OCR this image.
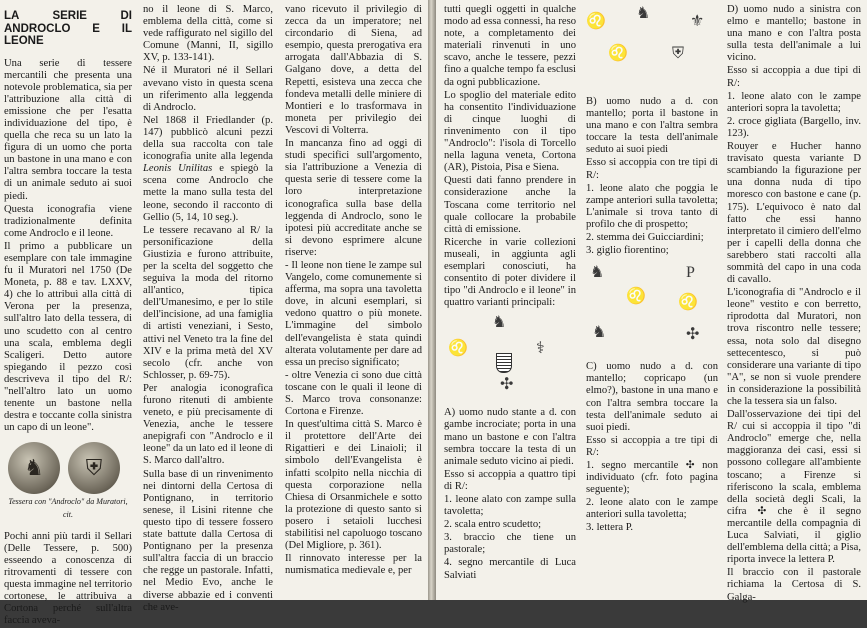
LA SERIE DI ANDROCLO E IL LEONE

Una serie di tessere mercantili che presenta una notevole problematica, sia per l'attribuzione alla città di emissione che per l'esatta individuazione del tipo, è quella che reca su un lato la figura di un uomo che porta un bastone in una mano e con l'altra sembra toccare la testa di un animale seduto ai suoi piedi.

Questa iconografia viene tradizionalmente definita come Androclo e il leone.

Il primo a pubblicare un esemplare con tale immagine fu il Muratori nel 1750 (De Moneta, p. 88 e tav. LXXV, 4) che lo attribuì alla città di Verona per la presenza, sull'altro lato della tessera, di uno scudetto con al centro una scala, emblema degli Scaligeri. Detto autore spiegando il pezzo così descriveva il tipo del R/: "nell'altro lato un uomo tenente un bastone nella destra e toccante colla sinistra un capo di un leone".

♞	⛨
Tessera con "Androclo" da Muratori, cit.

Pochi anni più tardi il Sellari (Delle Tessere, p. 500) esseendo a conoscenza di ritrovamenti di tessere con questa immagine nel territorio cortonese, le attribuiva a Cortona perché sull'altra faccia aveva-

no il leone di S. Marco, emblema della città, come si vede raffigurato nel sigillo del Comune (Manni, II, sigillo XV, p. 133-141).

Né il Muratori né il Sellari avevano visto in questa scena un riferimento alla leggenda di Androclo.

Nel 1868 il Friedlander (p. 147) pubblicò alcuni pezzi della sua raccolta con tale iconografia unite alla legenda Leonis Unilitas e spiegò la scena come Androclo che mette la mano sulla testa del leone, secondo il racconto di Gellio (5, 14, 10 seg.).

Le tessere recavano al R/ la personificazione della Giustizia e furono attribuite, per la scelta del soggetto che seguiva la moda del ritorno all'antico, tipica dell'Umanesimo, e per lo stile dell'incisione, ad una famiglia di artisti veneziani, i Sesto, attivi nel Veneto tra la fine del XIV e la prima metà del XV secolo (cfr. anche von Schlosser, p. 69-75).

Per analogia iconografica furono ritenuti di ambiente veneto, e più precisamente di Venezia, anche le tessere anepigrafi con "Androclo e il leone" da un lato ed il leone di S. Marco dall'altro.

Sulla base di un rinvenimento nei dintorni della Certosa di Pontignano, in territorio senese, il Lisini ritenne che questo tipo di tessere fossero state battute dalla Certosa di Pontignano per la presenza sull'altra faccia di un braccio che regge un pastorale. Infatti, nel Medio Evo, anche le diverse abbazie ed i conventi che ave-

vano ricevuto il privilegio di zecca da un imperatore; nel circondario di Siena, ad esempio, questa prerogativa era arrogata dall'Abbazia di S. Galgano dove, a detta del Repetti, esisteva una zecca che fondeva metalli delle miniere di Montieri e lo trasformava in moneta per privilegio dei Vescovi di Volterra.

In mancanza fino ad oggi di studi specifici sull'argomento, sia l'attribuzione a Venezia di questa serie di tessere come la loro interpretazione iconografica sulla base della leggenda di Androclo, sono le ipotesi più accreditate anche se si devono esprimere alcune riserve:

- Il leone non tiene le zampe sul Vangelo, come comunemente si afferma, ma sopra una tavoletta dove, in alcuni esemplari, si vedono quattro o più monete. L'immagine del simbolo dell'evangelista è stata quindi alterata volutamente per dare ad essa un preciso significato;

- oltre Venezia ci sono due città toscane con le quali il leone di S. Marco trova consonanze: Cortona e Firenze.

In quest'ultima città S. Marco è il protettore dell'Arte dei Rigattieri e dei Linaioli; il simbolo dell'Evangelista è infatti scolpito nella nicchia di questa corporazione nella Chiesa di Orsanmichele e sotto la protezione di questo santo si posero i setaioli lucchesi stabilitisi nel capoluogo toscano (Del Migliore, p. 361).

Il rinnovato interesse per la numismatica medievale e, per

tutti quegli oggetti in qualche modo ad essa connessi, ha reso note, a completamento dei materiali rinvenuti in uno scavo, anche le tessere, pezzi fino a qualche tempo fa esclusi da ogni pubblicazione.

Lo spoglio del materiale edito ha consentito l'individuazione di cinque luoghi di rinvenimento con il tipo "Androclo": l'isola di Torcello nella laguna veneta, Cortona (AR), Pistoia, Pisa e Siena.

Questi dati fanno prendere in considerazione anche la Toscana come territorio nel quale collocare la probabile città di emissione.

Ricerche in varie collezioni museali, in aggiunta agli esemplari conosciuti, ha consentito di poter dividere il tipo "di Androclo e il leone" in quattro varianti principali:

♌
♞
⚕
✣

A) uomo nudo stante a d. con gambe incrociate; porta in una mano un bastone e con l'altra sembra toccare la testa di un animale seduto vicino ai piedi.

Esso si accoppia a quattro tipi di R/:

1. leone alato con zampe sulla tavoletta;

2. scala entro scudetto;

3. braccio che tiene un pastorale;

4. segno mercantile di Luca Salviati

♌ ♞ ⚜
♌	⛨

B) uomo nudo a d. con mantello; porta il bastone in una mano e con l'altra sembra toccare la testa dell'animale seduto ai suoi piedi

Esso si accoppia con tre tipi di R/:

1. leone alato che poggia le zampe anteriori sulla tavoletta; L'animale si trova tanto di profilo che di prospetto;

2. stemma dei Guicciardini;

3. giglio fiorentino;

♞	P
♌ ♌
♞	✣

C) uomo nudo a d. con mantello; copricapo (un elmo?), bastone in una mano e con l'altra sembra toccare la testa dell'animale seduto ai suoi piedi.

Esso si accoppia a tre tipi di R/:

1. segno mercantile ✣ non individuato (cfr. foto pagina seguente);

2. leone alato con le zampe anteriori sulla tavoletta;

3. lettera P.

D) uomo nudo a sinistra con elmo e mantello; bastone in una mano e con l'altra posta sulla testa dell'animale a lui vicino.

Esso si accoppia a due tipi di R/:

1. leone alato con le zampe anteriori sopra la tavoletta;

2. croce gigliata (Bargello, inv. 123).

Rouyer e Hucher hanno travisato questa variante D scambiando la figurazione per una donna nuda di tipo moresco con bastone e cane (p. 175). L'equivoco è nato dal fatto che essi hanno interpretato il cimiero dell'elmo per i capelli della donna che sarebbero stati raccolti alla sommità del capo in una coda di cavallo.

L'iconografia di "Androclo e il leone" vestito e con berretto, riprodotta dal Muratori, non trova riscontro nelle tessere; essa, nota solo dal disegno settecentesco, si può considerare una variante di tipo "A", se non si vuole prendere in considerazione la possibilità che la tessera sia un falso.

Dall'osservazione dei tipi del R/ cui si accoppia il tipo "di Androclo" emerge che, nella maggioranza dei casi, essi si possono collegare all'ambiente toscano; a Firenze si riferiscono la scala, emblema della società degli Scali, la cifra ✣ che è il segno mercantile della compagnia di Luca Salviati, il giglio dell'emblema della città; a Pisa, riporta invece la lettera P.

Il braccio con il pastorale richiama la Certosa di S. Galga-
